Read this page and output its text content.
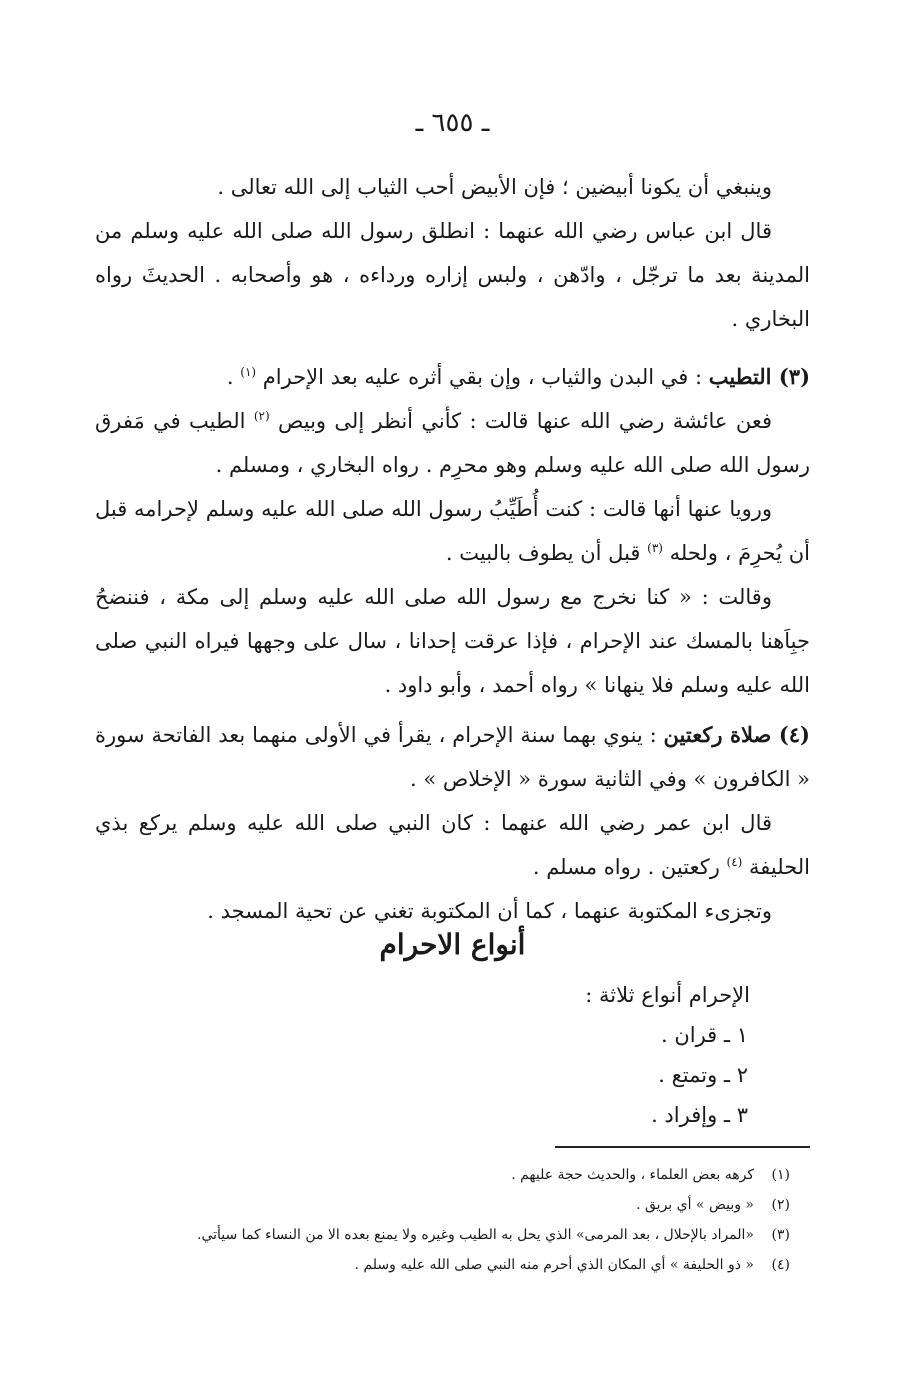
ـ ٦٥٥ ـ

وينبغي أن يكونا أبيضين ؛ فإن الأبيض أحب الثياب إلى الله تعالى .

قال ابن عباس رضي الله عنهما : انطلق رسول الله صلى الله عليه وسلم من المدينة بعد ما ترجّل ، وادّهن ، ولبس إزاره ورداءه ، هو وأصحابه . الحديثَ رواه البخاري .

(٣) التطيب : في البدن والثياب ، وإن بقي أثره عليه بعد الإحرام $^{(١)}$ .

فعن عائشة رضي الله عنها قالت : كأني أنظر إلى وبيص $^{(٢)}$ الطيب في مَفرق رسول الله صلى الله عليه وسلم وهو محرِم . رواه البخاري ، ومسلم .

ورويا عنها أنها قالت : كنت أُطَيِّبُ رسول الله صلى الله عليه وسلم لإحرامه قبل أن يُحرِمَ ، ولحله $^{(٣)}$ قبل أن يطوف بالبيت .

وقالت : « كنا نخرج مع رسول الله صلى الله عليه وسلم إلى مكة ، فننضحُ جبِاَهنا بالمسك عند الإحرام ، فإذا عرقت إحدانا ، سال على وجهها فيراه النبي صلى الله عليه وسلم فلا ينهانا » رواه أحمد ، وأبو داود .

(٤) صلاة ركعتين : ينوي بهما سنة الإحرام ، يقرأ في الأولى منهما بعد الفاتحة سورة « الكافرون » وفي الثانية سورة « الإخلاص » .

قال ابن عمر رضي الله عنهما : كان النبي صلى الله عليه وسلم يركع بذي الحليفة $^{(٤)}$ ركعتين . رواه مسلم .

وتجزىء المكتوبة عنهما ، كما أن المكتوبة تغني عن تحية المسجد .

أنواع الاحرام

الإحرام أنواع ثلاثة :

١ ـ قران .

٢ ـ وتمتع .

٣ ـ وإفراد .

(١)كرهه بعض العلماء ، والحديث حجة عليهم .

(٢)« وبيض » أي بريق .

(٣)«المراد بالإحلال ، بعد المرمى» الذي يحل به الطيب وغيره ولا يمنع بعده الا من النساء كما سيأتي.

(٤)« ذو الحليفة » أي المكان الذي أحرم منه النبي صلى الله عليه وسلم .
